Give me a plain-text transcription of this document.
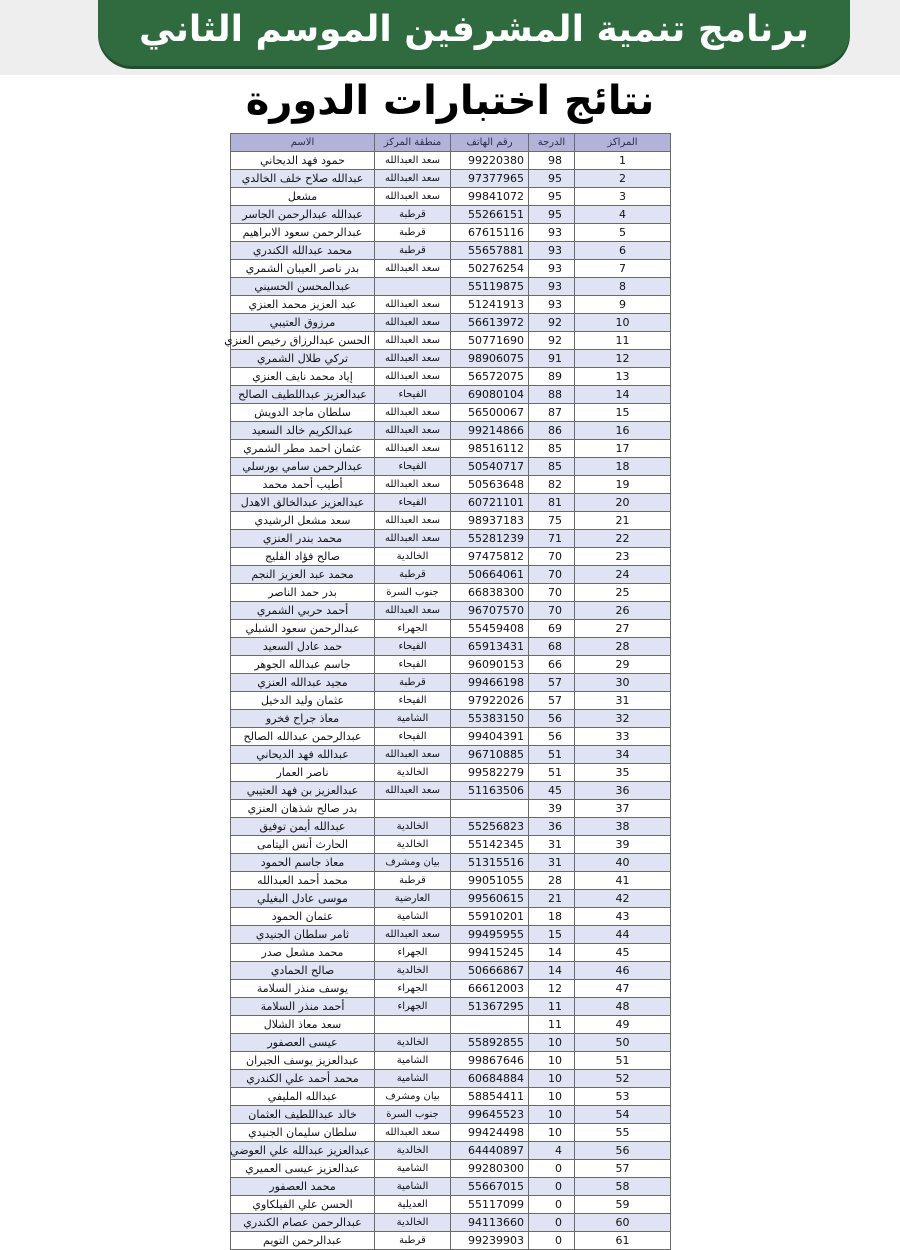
برنامج تنمية المشرفين الموسم الثاني
نتائج اختبارات الدورة
المراكز	الدرجة	رقم الهاتف	منطقة المركز	الاسم
1	98	99220380	سعد العبدالله	حمود فهد الديحاني
2	95	97377965	سعد العبدالله	عبدالله صلاح خلف الخالدي
3	95	99841072	سعد العبدالله	مشعل
4	95	55266151	قرطبة	عبدالله عبدالرحمن الجاسر
5	93	67615116	قرطبة	عبدالرحمن سعود الابراهيم
6	93	55657881	قرطبة	محمد عبدالله الكندري
7	93	50276254	سعد العبدالله	بدر ناصر العيبان الشمري
8	93	55119875		عبدالمحسن الحسيني
9	93	51241913	سعد العبدالله	عبد العزيز محمد العنزي
10	92	56613972	سعد العبدالله	مرزوق العتيبي
11	92	50771690	سعد العبدالله	الحسن عبدالرزاق رخيص العنزي
12	91	98906075	سعد العبدالله	تركي طلال الشمري
13	89	56572075	سعد العبدالله	إياد محمد نايف العنزي
14	88	69080104	الفيحاء	عبدالعزيز عبداللطيف الصالح
15	87	56500067	سعد العبدالله	سلطان ماجد الدويش
16	86	99214866	سعد العبدالله	عبدالكريم خالد السعيد
17	85	98516112	سعد العبدالله	عثمان احمد مطر الشمري
18	85	50540717	الفيحاء	عبدالرحمن سامي بورسلي
19	82	50563648	سعد العبدالله	أطيب أحمد محمد
20	81	60721101	الفيحاء	عبدالعزيز عبدالخالق الاهدل
21	75	98937183	سعد العبدالله	سعد مشعل الرشيدي
22	71	55281239	سعد العبدالله	محمد بندر العنزي
23	70	97475812	الخالدية	صالح فؤاد الفليج
24	70	50664061	قرطبة	محمد عبد العزيز النجم
25	70	66838300	جنوب السرة	بدر حمد الناصر
26	70	96707570	سعد العبدالله	أحمد حربي الشمري
27	69	55459408	الجهراء	عبدالرحمن سعود الشبلي
28	68	65913431	الفيحاء	حمد عادل السعيد
29	66	96090153	الفيحاء	جاسم عبدالله الجوهر
30	57	99466198	قرطبة	مجيد عبدالله العنزي
31	57	97922026	الفيحاء	عثمان وليد الدخيل
32	56	55383150	الشامية	معاذ جراح فخرو
33	56	99404391	الفيحاء	عبدالرحمن عبدالله الصالح
34	51	96710885	سعد العبدالله	عبدالله فهد الديحاني
35	51	99582279	الخالدية	ناصر العمار
36	45	51163506	سعد العبدالله	عبدالعزيز بن فهد العتيبي
37	39			بدر صالح شذهان العنزي
38	36	55256823	الخالدية	عبدالله أيمن توفيق
39	31	55142345	الخالدية	الحارث أنس اليتامى
40	31	51315516	بيان ومشرف	معاذ جاسم الحمود
41	28	99051055	قرطبة	محمد أحمد العبدالله
42	21	99560615	العارضية	موسى عادل البغيلي
43	18	55910201	الشامية	عثمان الحمود
44	15	99495955	سعد العبدالله	ثامر سلطان الجنيدي
45	14	99415245	الجهراء	محمد مشعل صدر
46	14	50666867	الخالدية	صالح الحمادي
47	12	66612003	الجهراء	يوسف منذر السلامة
48	11	51367295	الجهراء	أحمد منذر السلامة
49	11			سعد معاذ الشلال
50	10	55892855	الخالدية	عيسى العصفور
51	10	99867646	الشامية	عبدالعزيز يوسف الجيران
52	10	60684884	الشامية	محمد أحمد علي الكندري
53	10	58854411	بيان ومشرف	عبدالله المليفي
54	10	99645523	جنوب السرة	خالد عبداللطيف العثمان
55	10	99424498	سعد العبدالله	سلطان سليمان الجنيدي
56	4	64440897	الخالدية	عبدالعزيز عبدالله علي العوضي
57	0	99280300	الشامية	عبدالعزيز عيسى العميري
58	0	55667015	الشامية	محمد العصفور
59	0	55117099	العديلية	الحسن علي الفيلكاوي
60	0	94113660	الخالدية	عبدالرحمن عصام الكندري
61	0	99239903	قرطبة	عبدالرحمن التويم
